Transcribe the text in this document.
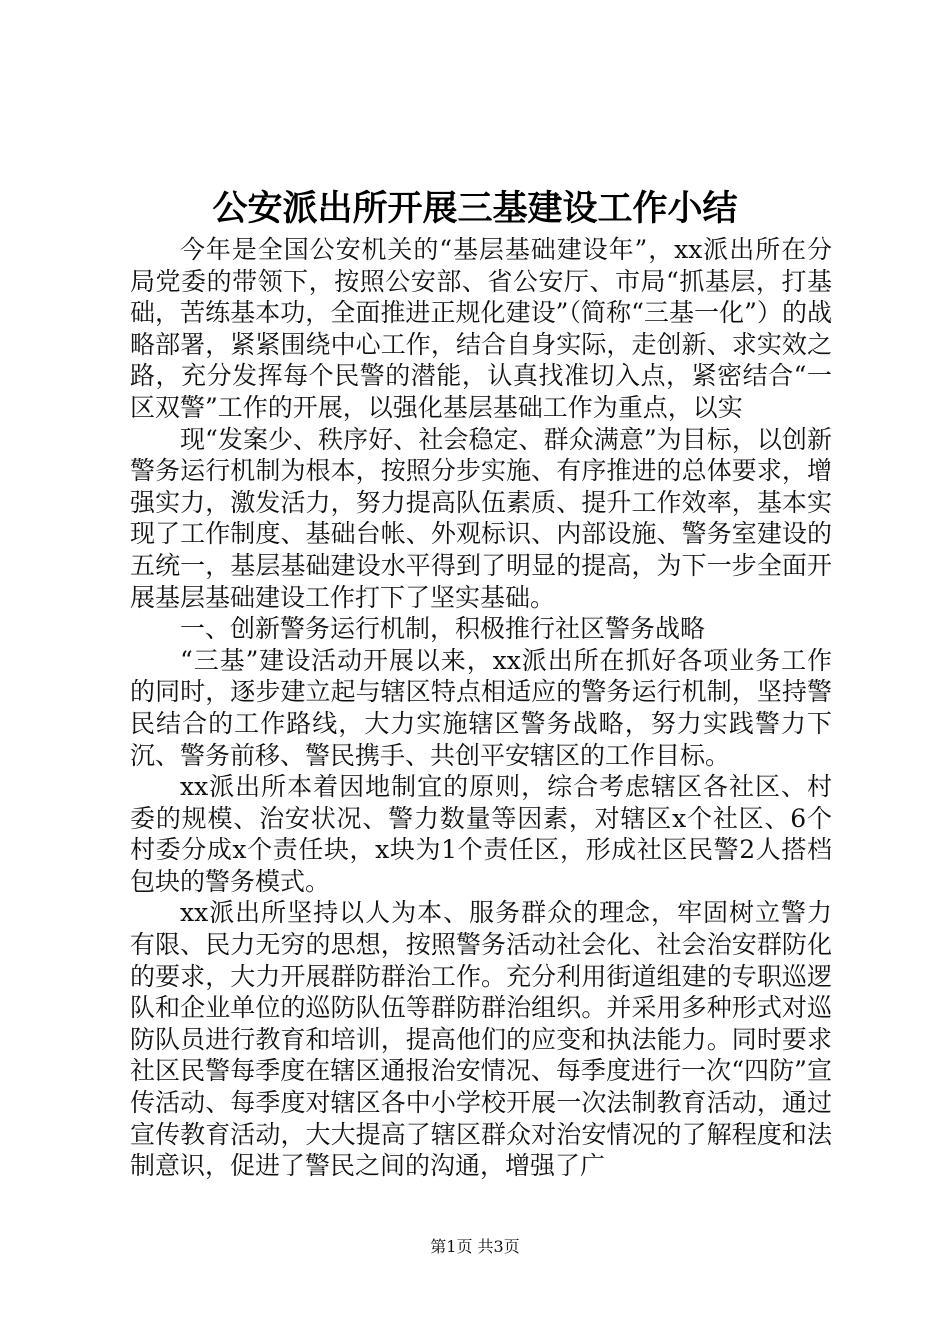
公安派出所开展三基建设工作小结

今年是全国公安机关的“基层基础建设年”，xx派出所在分局党委的带领下，按照公安部、省公安厅、市局“抓基层，打基础，苦练基本功，全面推进正规化建设”（简称“三基一化”）的战略部署，紧紧围绕中心工作，结合自身实际，走创新、求实效之路，充分发挥每个民警的潜能，认真找准切入点，紧密结合“一区双警”工作的开展，以强化基层基础工作为重点，以实

现“发案少、秩序好、社会稳定、群众满意”为目标，以创新警务运行机制为根本，按照分步实施、有序推进的总体要求，增强实力，激发活力，努力提高队伍素质、提升工作效率，基本实现了工作制度、基础台帐、外观标识、内部设施、警务室建设的五统一，基层基础建设水平得到了明显的提高，为下一步全面开展基层基础建设工作打下了坚实基础。

一、创新警务运行机制，积极推行社区警务战略

“三基”建设活动开展以来，xx派出所在抓好各项业务工作的同时，逐步建立起与辖区特点相适应的警务运行机制，坚持警民结合的工作路线，大力实施辖区警务战略，努力实践警力下沉、警务前移、警民携手、共创平安辖区的工作目标。

xx派出所本着因地制宜的原则，综合考虑辖区各社区、村委的规模、治安状况、警力数量等因素，对辖区x个社区、6个村委分成x个责任块，x块为1个责任区，形成社区民警2人搭档包块的警务模式。

xx派出所坚持以人为本、服务群众的理念，牢固树立警力有限、民力无穷的思想，按照警务活动社会化、社会治安群防化的要求，大力开展群防群治工作。充分利用街道组建的专职巡逻队和企业单位的巡防队伍等群防群治组织。并采用多种形式对巡防队员进行教育和培训，提高他们的应变和执法能力。同时要求社区民警每季度在辖区通报治安情况、每季度进行一次“四防”宣传活动、每季度对辖区各中小学校开展一次法制教育活动，通过宣传教育活动，大大提高了辖区群众对治安情况的了解程度和法制意识，促进了警民之间的沟通，增强了广

第1页 共3页
